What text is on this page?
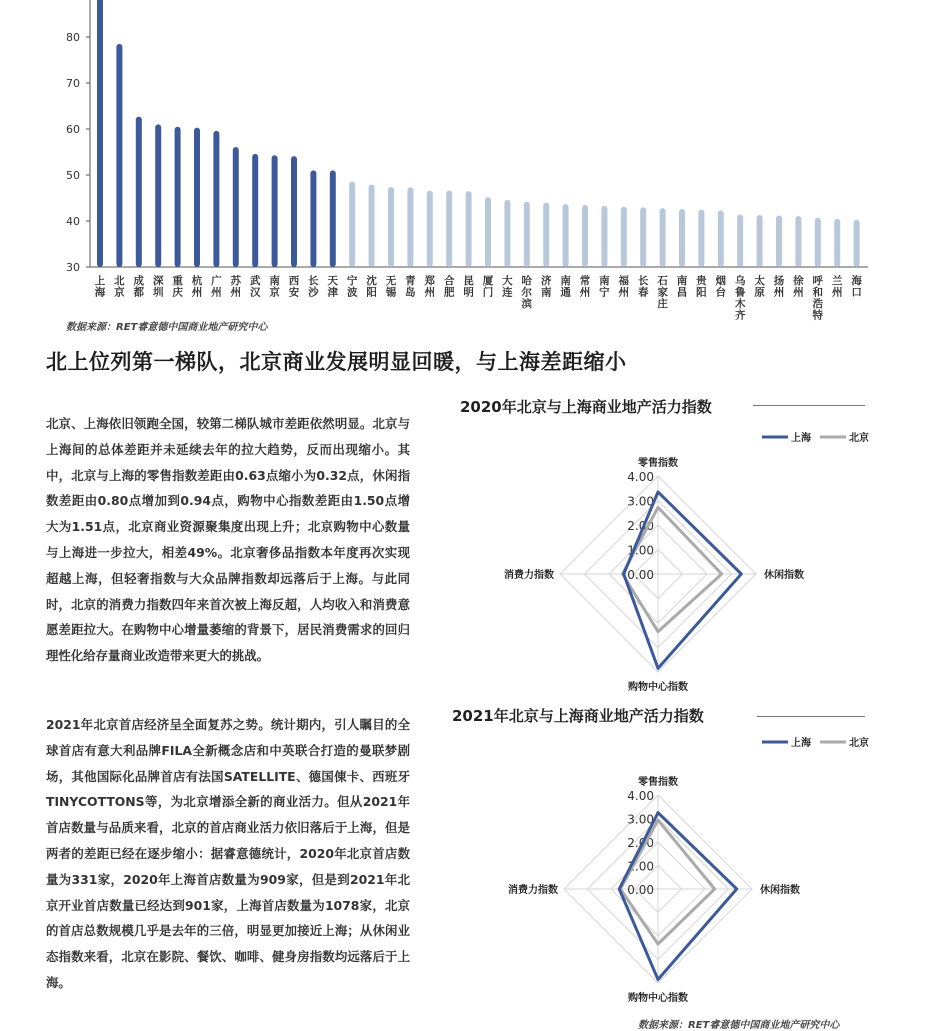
30
40
50
60
70
80
上海
北京
成都
深圳
重庆
杭州
广州
苏州
武汉
南京
西安
长沙
天津
宁波
沈阳
无锡
青岛
郑州
合肥
昆明
厦门
大连
哈尔滨
济南
南通
常州
南宁
福州
长春
石家庄
南昌
贵阳
烟台
乌鲁木齐
太原
扬州
徐州
呼和浩特
兰州
海口
数据来源：RET睿意德中国商业地产研究中心
北上位列第一梯队，北京商业发展明显回暖，与上海差距缩小
北京、上海依旧领跑全国，较第二梯队城市差距依然明显。北京与上海间的总体差距并未延续去年的拉大趋势，反而出现缩小。其中，北京与上海的零售指数差距由0.63点缩小为0.32点，休闲指数差距由0.80点增加到0.94点，购物中心指数差距由1.50点增大为1.51点，北京商业资源聚集度出现上升；北京购物中心数量与上海进一步拉大，相差49%。北京奢侈品指数本年度再次实现超越上海，但轻奢指数与大众品牌指数却远落后于上海。与此同时，北京的消费力指数四年来首次被上海反超，人均收入和消费意愿差距拉大。在购物中心增量萎缩的背景下，居民消费需求的回归理性化给存量商业改造带来更大的挑战。
2021年北京首店经济呈全面复苏之势。统计期内，引人瞩目的全球首店有意大利品牌FILA全新概念店和中英联合打造的曼联梦剧场，其他国际化品牌首店有法国SATELLITE、德国倲卡、西班牙TINYCOTTONS等，为北京增添全新的商业活力。但从2021年首店数量与品质来看，北京的首店商业活力依旧落后于上海，但是两者的差距已经在逐步缩小：据睿意德统计，2020年北京首店数量为331家，2020年上海首店数量为909家，但是到2021年北京开业首店数量已经达到901家，上海首店数量为1078家，北京的首店总数规模几乎是去年的三倍，明显更加接近上海；从休闲业态指数来看，北京在影院、餐饮、咖啡、健身房指数均远落后于上海。
2020年北京与上海商业地产活力指数
0.00
1.00
2.00
3.00
4.00
零售指数
休闲指数
购物中心指数
消费力指数
上海	北京
2021年北京与上海商业地产活力指数
0.00
1.00
2.00
3.00
4.00
零售指数
休闲指数
购物中心指数
消费力指数
上海	北京
数据来源：RET睿意德中国商业地产研究中心
